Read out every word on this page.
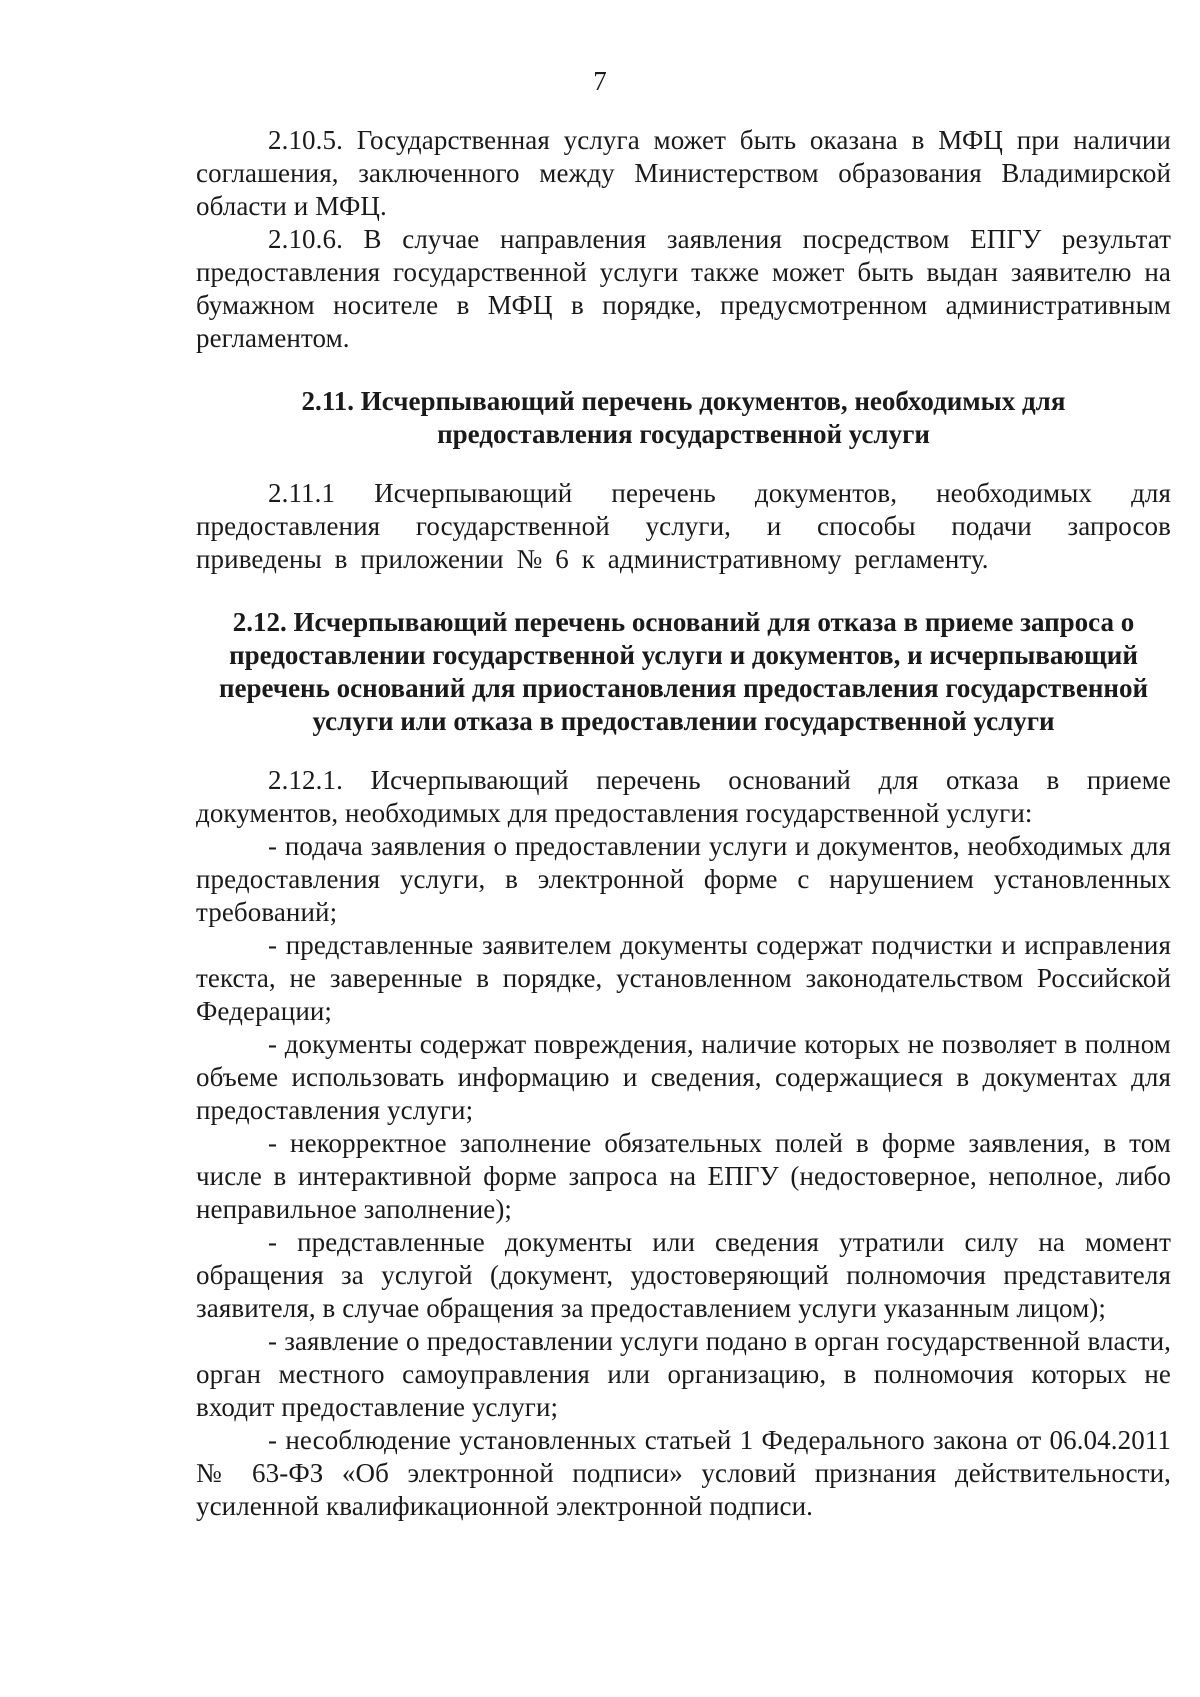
7

2.10.5. Государственная услуга может быть оказана в МФЦ при наличии соглашения, заключенного между Министерством образования Владимирской области и МФЦ.

2.10.6. В случае направления заявления посредством ЕПГУ результат предоставления государственной услуги также может быть выдан заявителю на бумажном носителе в МФЦ в порядке, предусмотренном административным регламентом.

2.11. Исчерпывающий перечень документов, необходимых для предоставления государственной услуги

2.11.1 Исчерпывающий перечень документов, необходимых для предоставления государственной услуги, и способы подачи запросов приведены в приложении № 6 к административному регламенту.

2.12. Исчерпывающий перечень оснований для отказа в приеме запроса о предоставлении государственной услуги и документов, и исчерпывающий перечень оснований для приостановления предоставления государственной услуги или отказа в предоставлении государственной услуги

2.12.1. Исчерпывающий перечень оснований для отказа в приеме документов, необходимых для предоставления государственной услуги:

- подача заявления о предоставлении услуги и документов, необходимых для предоставления услуги, в электронной форме с нарушением установленных требований;

- представленные заявителем документы содержат подчистки и исправления текста, не заверенные в порядке, установленном законодательством Российской Федерации;

- документы содержат повреждения, наличие которых не позволяет в полном объеме использовать информацию и сведения, содержащиеся в документах для предоставления услуги;

- некорректное заполнение обязательных полей в форме заявления, в том числе в интерактивной форме запроса на ЕПГУ (недостоверное, неполное, либо неправильное заполнение);

- представленные документы или сведения утратили силу на момент обращения за услугой (документ, удостоверяющий полномочия представителя заявителя, в случае обращения за предоставлением услуги указанным лицом);

- заявление о предоставлении услуги подано в орган государственной власти, орган местного самоуправления или организацию, в полномочия которых не входит предоставление услуги;

- несоблюдение установленных статьей 1 Федерального закона от 06.04.2011 № 63-ФЗ «Об электронной подписи» условий признания действительности, усиленной квалификационной электронной подписи.
